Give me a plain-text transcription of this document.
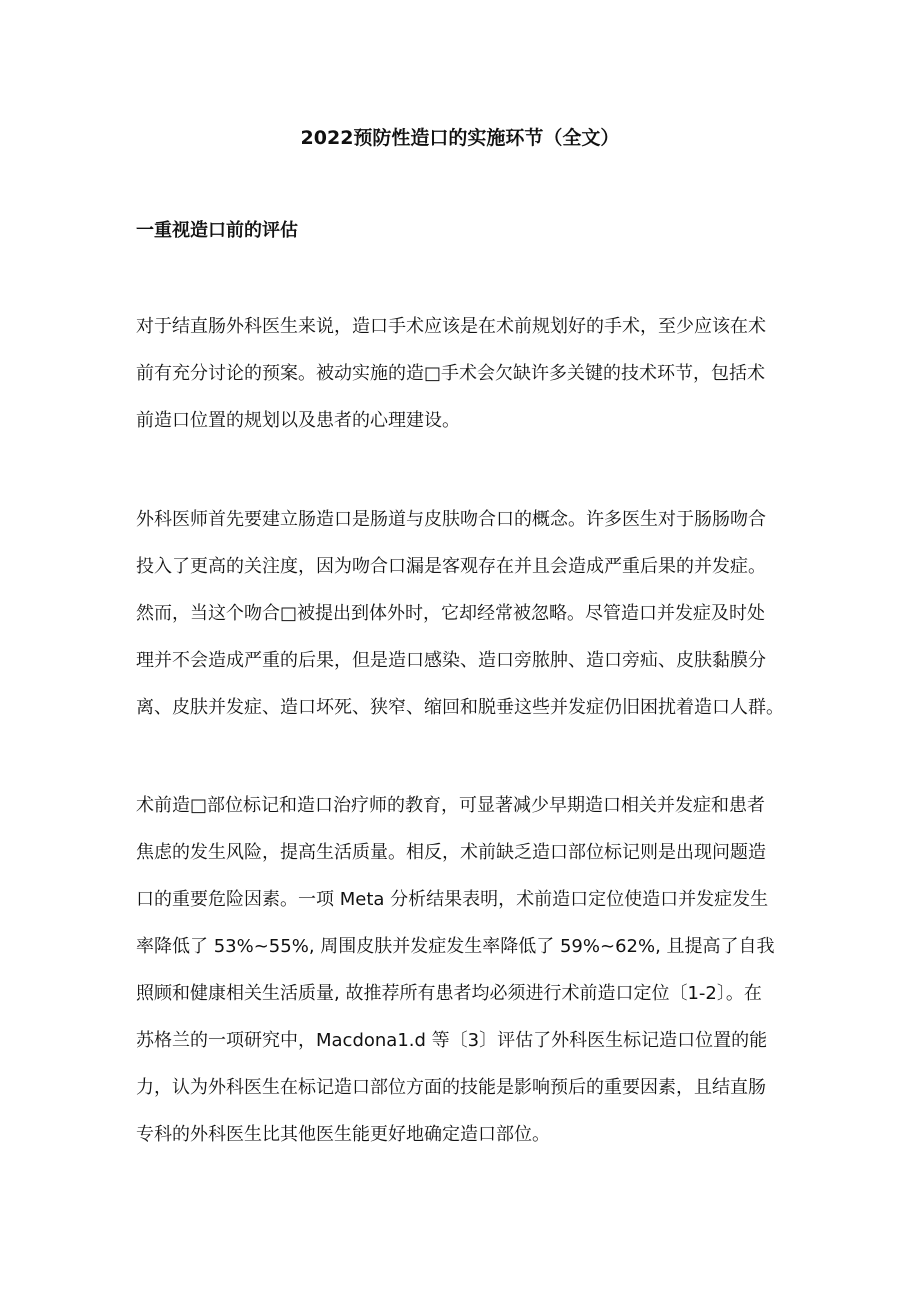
2022预防性造口的实施环节（全文）
一重视造口前的评估

对于结直肠外科医生来说，造口手术应该是在术前规划好的手术，至少应该在术
前有充分讨论的预案。被动实施的造□手术会欠缺许多关键的技术环节，包括术
前造口位置的规划以及患者的心理建设。

外科医师首先要建立肠造口是肠道与皮肤吻合口的概念。许多医生对于肠肠吻合
投入了更高的关注度，因为吻合口漏是客观存在并且会造成严重后果的并发症。
然而，当这个吻合□被提出到体外时，它却经常被忽略。尽管造口并发症及时处
理并不会造成严重的后果，但是造口感染、造口旁脓肿、造口旁疝、皮肤黏膜分
离、皮肤并发症、造口坏死、狭窄、缩回和脱垂这些并发症仍旧困扰着造口人群。

术前造□部位标记和造口治疗师的教育，可显著减少早期造口相关并发症和患者
焦虑的发生风险，提高生活质量。相反，术前缺乏造口部位标记则是出现问题造
口的重要危险因素。一项 Meta 分析结果表明，术前造口定位使造口并发症发生
率降低了 53%~55%, 周围皮肤并发症发生率降低了 59%~62%, 且提高了自我
照顾和健康相关生活质量, 故推荐所有患者均必须进行术前造口定位〔1-2〕。在
苏格兰的一项研究中，Macdona1.d 等〔3〕评估了外科医生标记造口位置的能
力，认为外科医生在标记造口部位方面的技能是影响预后的重要因素，且结直肠
专科的外科医生比其他医生能更好地确定造口部位。
